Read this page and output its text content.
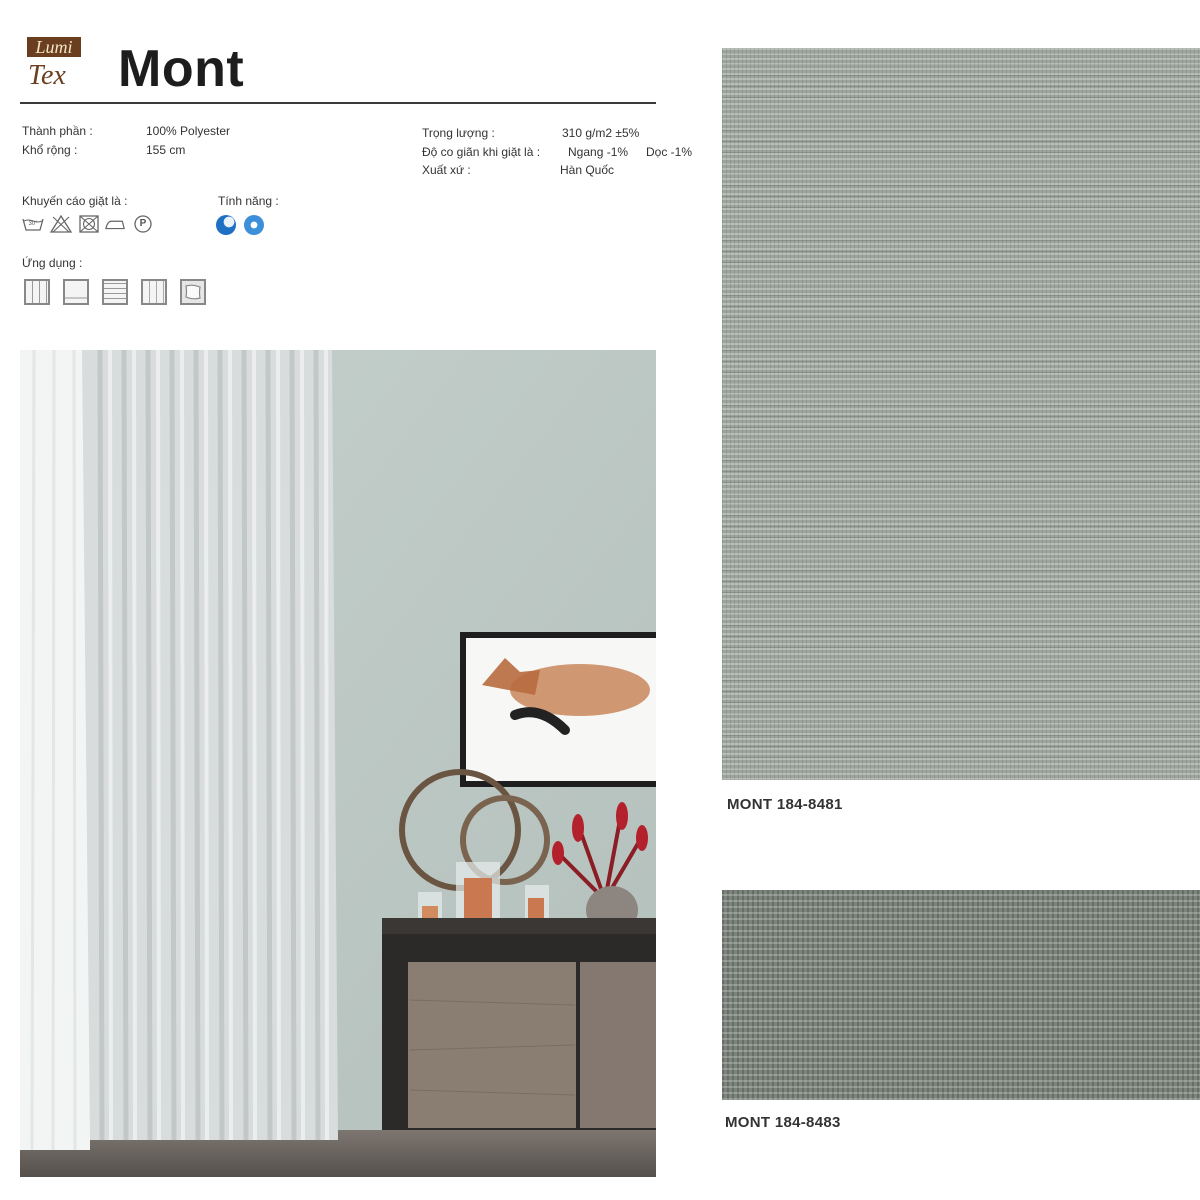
Lumi
Tex	Mont
Thành phần :	100% Polyester
Khổ rộng :	155 cm
Trọng lượng :	310 g/m2 ±5%
Độ co giãn khi giặt là : Ngang -1% Dọc -1%
Xuất xứ :	Hàn Quốc
Khuyến cáo giặt là :
30°	P
Tính năng :
Ứng dụng :
MONT 184-8481
MONT 184-8483
